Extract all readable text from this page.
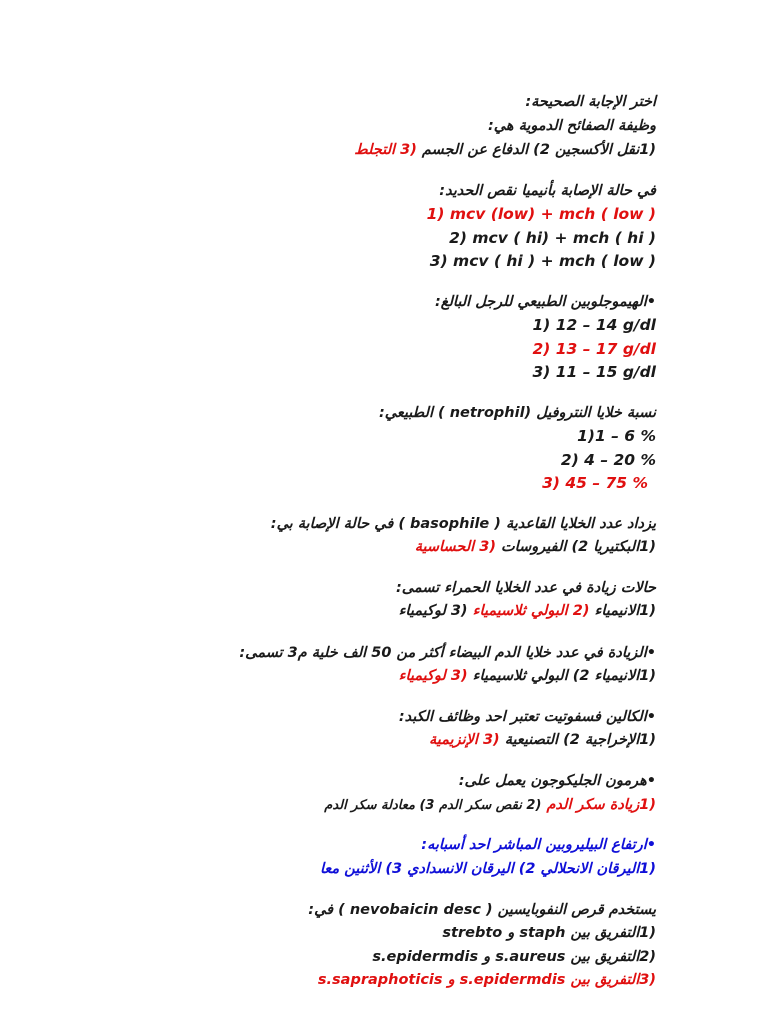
اختر الإجابة الصحيحة:
وظيفة الصفائح الدموية هي:
(1نقل الأكسجين 2) الدفاع عن الجسم (3 التجلط
في حالة الإصابة بأنيميا نقص الحديد:
1) mcv (low) + mch ( low )
2) mcv ( hi) + mch ( hi )
3) mcv ( hi ) + mch ( low )
•الهيموجلوبين الطبيعي للرجل البالغ:
1) 12 – 14 g/dl
2) 13 – 17 g/dl
3) 11 – 15 g/dl
نسبة خلايا النتروفيل (netrophil ) الطبيعي:
1)1 – 6 %
2) 4 – 20 %
3) 45 – 75 %
يزداد عدد الخلايا القاعدية ( basophile ) في حالة الإصابة بي:
(1البكتيريا 2) الفيروسات (3 الحساسية
حالات زيادة في عدد الخلايا الحمراء تسمى:
(1الانيمياء (2 البولي ثلاسيمياء (3 لوكيمياء
•الزيادة في عدد خلايا الدم البيضاء أكثر من 50 الف خلية م3 تسمى:
(1الانيمياء 2) البولي ثلاسيمياء (3 لوكيمياء
•الكالين فسفوتيت تعتبر احد وظائف الكبد:
(1الإخراجية 2) التصنيعية (3 الإنزيمية
•هرمون الجليكوجون يعمل على:
(1زيادة سكر الدم (2 نقص سكر الدم 3) معادلة سكر الدم
•ارتفاع البيليروبين المباشر احد أسبابه:
(1اليرقان الانحلالي 2) اليرقان الانسدادي 3) الأثنين معا
يستخدم قرص النفوبايسين ( nevobaicin desc ) في:
(1التفريق بين staph و strebto
(2التفريق بين s.aureus و s.epidermdis
(3التفريق بين s.epidermdis و s.sapraphoticis
